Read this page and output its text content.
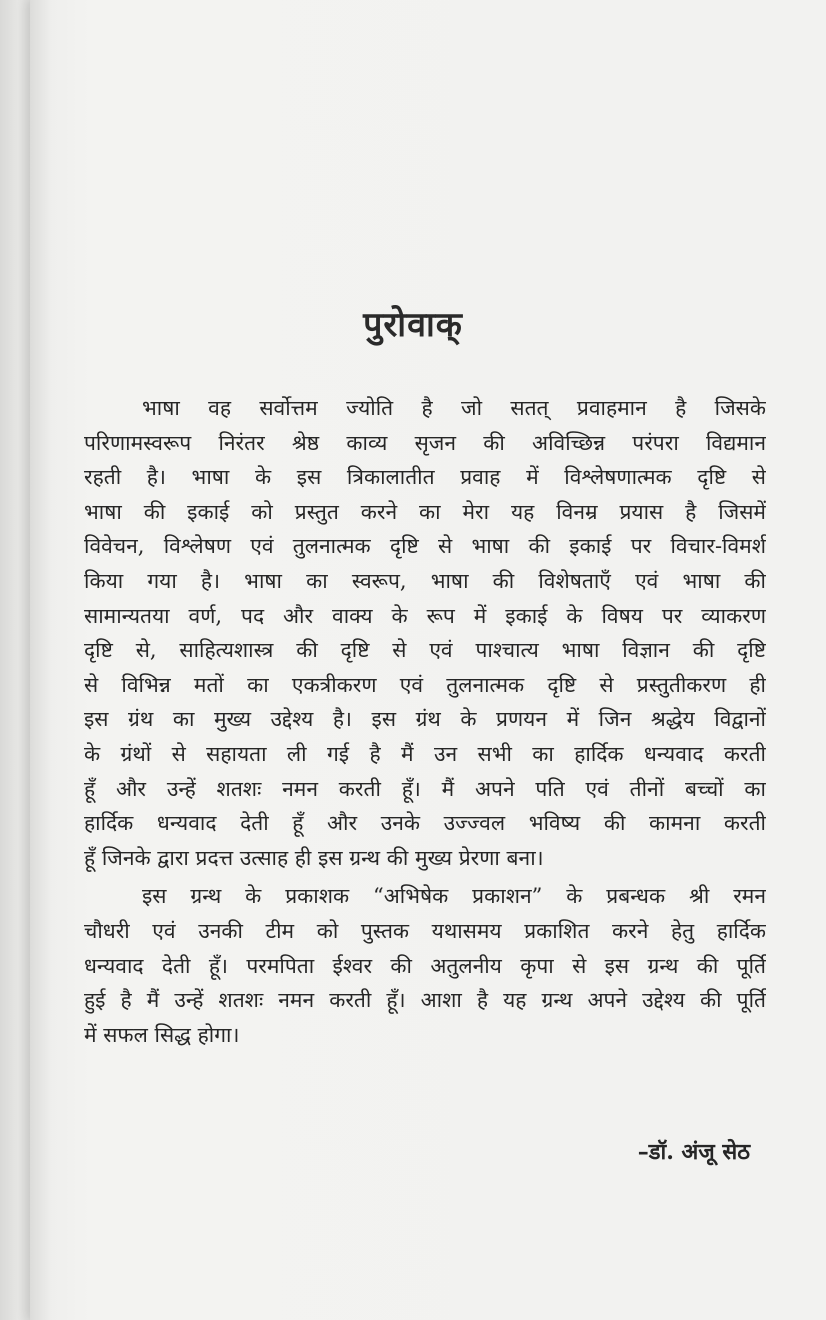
पुरोवाक्

भाषा वह सर्वोत्तम ज्योति है जो सतत् प्रवाहमान है जिसके
परिणामस्वरूप निरंतर श्रेष्ठ काव्य सृजन की अविच्छिन्न परंपरा विद्यमान
रहती है। भाषा के इस त्रिकालातीत प्रवाह में विश्लेषणात्मक दृष्टि से
भाषा की इकाई को प्रस्तुत करने का मेरा यह विनम्र प्रयास है जिसमें
विवेचन, विश्लेषण एवं तुलनात्मक दृष्टि से भाषा की इकाई पर विचार-विमर्श
किया गया है। भाषा का स्वरूप, भाषा की विशेषताएँ एवं भाषा की
सामान्यतया वर्ण, पद और वाक्य के रूप में इकाई के विषय पर व्याकरण
दृष्टि से, साहित्यशास्त्र की दृष्टि से एवं पाश्चात्य भाषा विज्ञान की दृष्टि
से विभिन्न मतों का एकत्रीकरण एवं तुलनात्मक दृष्टि से प्रस्तुतीकरण ही
इस ग्रंथ का मुख्य उद्देश्य है। इस ग्रंथ के प्रणयन में जिन श्रद्धेय विद्वानों
के ग्रंथों से सहायता ली गई है मैं उन सभी का हार्दिक धन्यवाद करती
हूँ और उन्हें शतशः नमन करती हूँ। मैं अपने पति एवं तीनों बच्चों का
हार्दिक धन्यवाद देती हूँ और उनके उज्ज्वल भविष्य की कामना करती
हूँ जिनके द्वारा प्रदत्त उत्साह ही इस ग्रन्थ की मुख्य प्रेरणा बना।

इस ग्रन्थ के प्रकाशक “अभिषेक प्रकाशन” के प्रबन्धक श्री रमन
चौधरी एवं उनकी टीम को पुस्तक यथासमय प्रकाशित करने हेतु हार्दिक
धन्यवाद देती हूँ। परमपिता ईश्वर की अतुलनीय कृपा से इस ग्रन्थ की पूर्ति
हुई है मैं उन्हें शतशः नमन करती हूँ। आशा है यह ग्रन्थ अपने उद्देश्य की पूर्ति
में सफल सिद्ध होगा।

–डॉ. अंजू सेठ
